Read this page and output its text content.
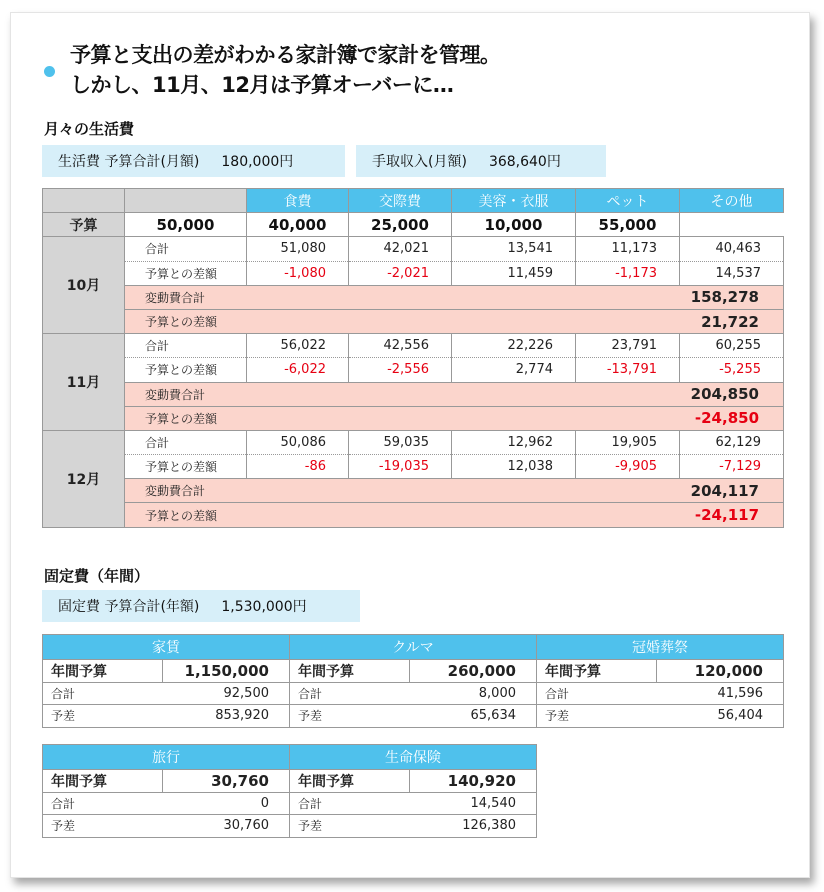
予算と支出の差がわかる家計簿で家計を管理。
しかし、11月、12月は予算オーバーに…
月々の生活費
生活費 予算合計(月額) 180,000円	手取収入(月額) 368,640円
		食費	交際費	美容・衣服	ペット	その他
予算	50,000	40,000	25,000	10,000	55,000	
10月	合計	51,080	42,021	13,541	11,173	40,463
	予算との差額	-1,080	-2,021	11,459	-1,173	14,537
	変動費合計			158,278		
	予算との差額			21,722		
11月	合計	56,022	42,556	22,226	23,791	60,255
	予算との差額	-6,022	-2,556	2,774	-13,791	-5,255
	変動費合計			204,850		
	予算との差額			-24,850		
12月	合計	50,086	59,035	12,962	19,905	62,129
	予算との差額	-86	-19,035	12,038	-9,905	-7,129
	変動費合計			204,117		
	予算との差額			-24,117		
家賃	
年間予算	1,150,000
合計	92,500
予差	853,920
クルマ	
年間予算	260,000
合計	8,000
予差	65,634
冠婚葬祭	
年間予算	120,000
合計	41,596
予差	56,404
旅行	
年間予算	30,760
合計	0
予差	30,760
生命保険	
年間予算	140,920
合計	14,540
予差	126,380
固定費（年間）
固定費 予算合計(年額) 1,530,000円
